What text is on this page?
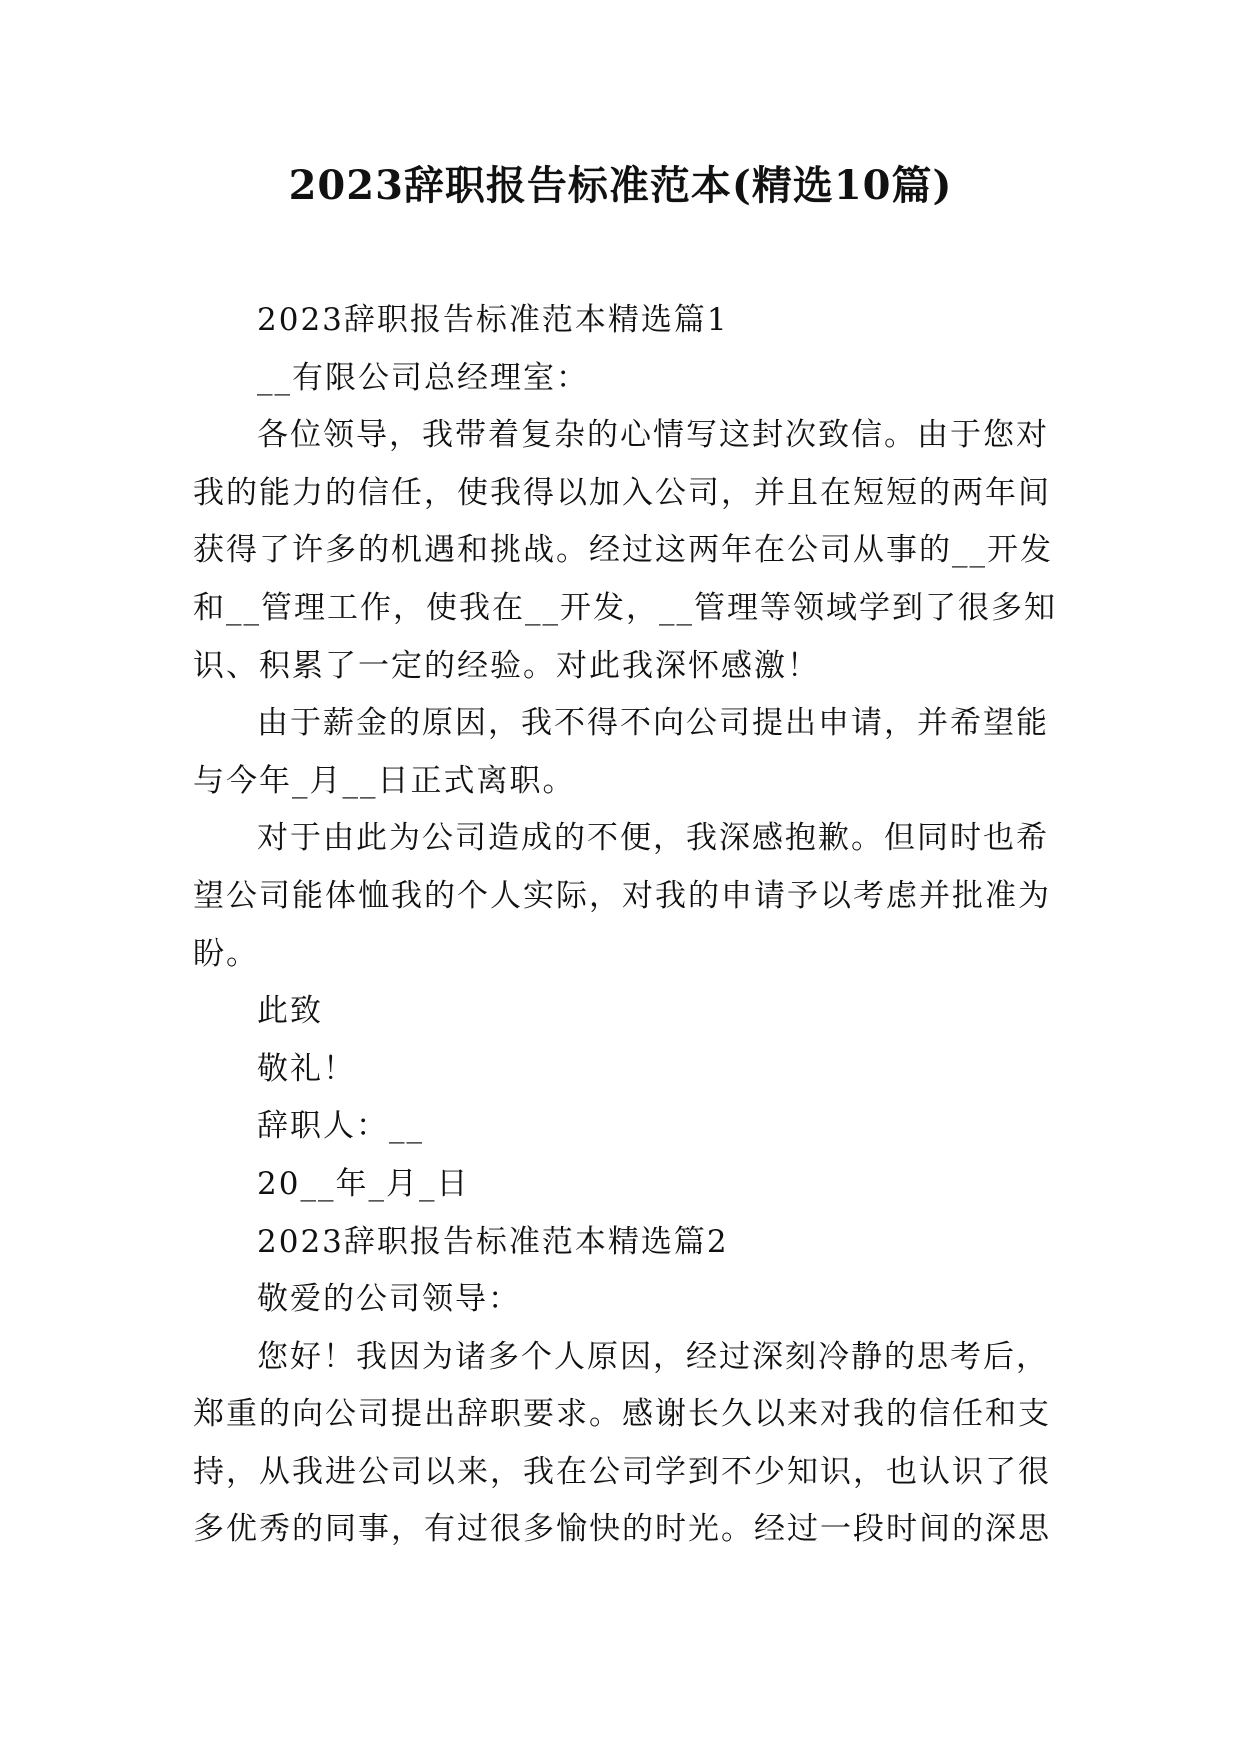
2023辞职报告标准范本(精选10篇)

2023辞职报告标准范本精选篇1

__有限公司总经理室：

各位领导，我带着复杂的心情写这封次致信。由于您对

我的能力的信任，使我得以加入公司，并且在短短的两年间

获得了许多的机遇和挑战。经过这两年在公司从事的__开发

和__管理工作，使我在__开发，__管理等领域学到了很多知

识、积累了一定的经验。对此我深怀感激！

由于薪金的原因，我不得不向公司提出申请，并希望能

与今年_月__日正式离职。

对于由此为公司造成的不便，我深感抱歉。但同时也希

望公司能体恤我的个人实际，对我的申请予以考虑并批准为

盼。

此致

敬礼！

辞职人：__

20__年_月_日

2023辞职报告标准范本精选篇2

敬爱的公司领导：

您好！我因为诸多个人原因，经过深刻冷静的思考后，

郑重的向公司提出辞职要求。感谢长久以来对我的信任和支

持，从我进公司以来，我在公司学到不少知识，也认识了很

多优秀的同事，有过很多愉快的时光。经过一段时间的深思
